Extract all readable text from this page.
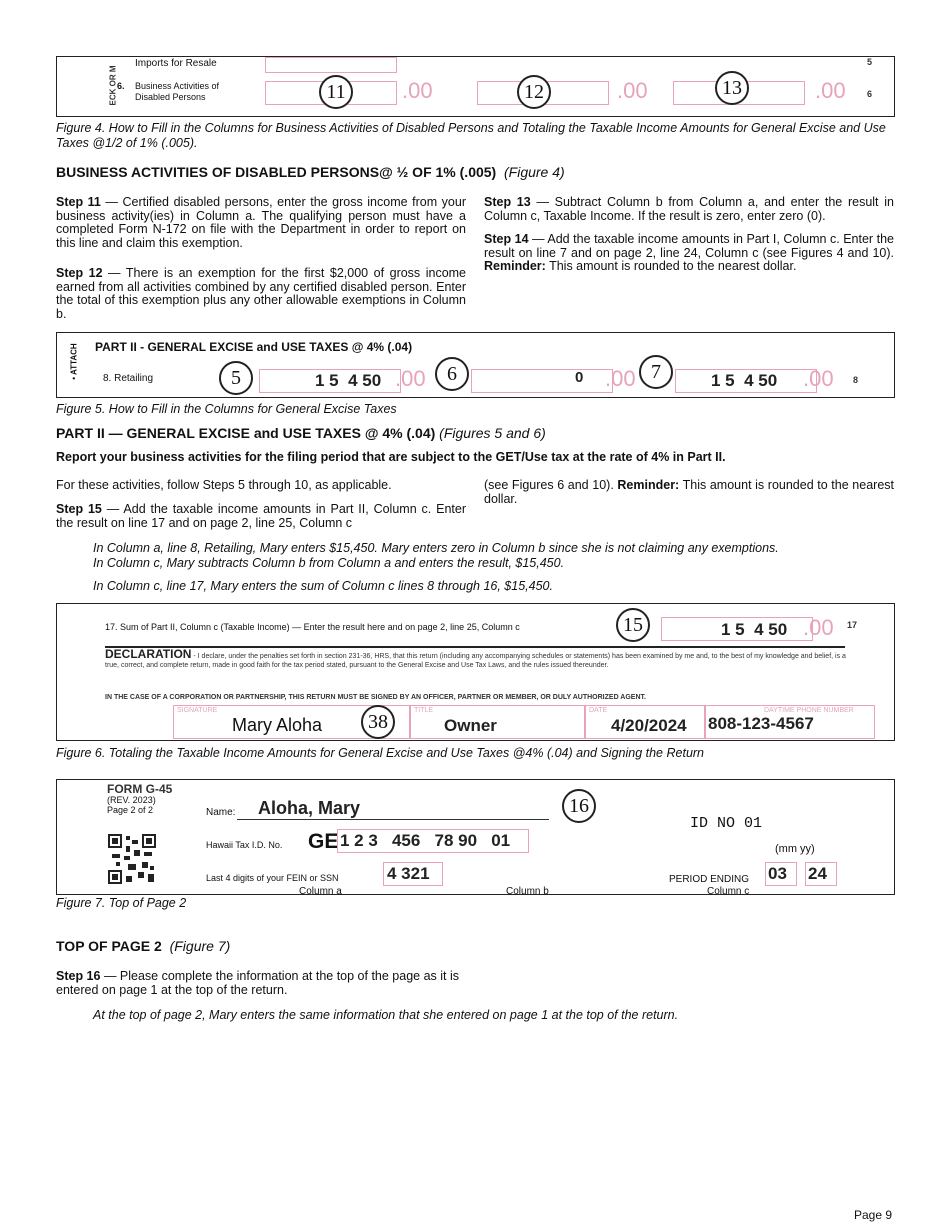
ECK OR M
Imports for Resale
6. Business Activities of
Disabled Persons	.00
11	.00
12	.00
13
5
6
Figure 4. How to Fill in the Columns for Business Activities of Disabled Persons and Totaling the Taxable Income Amounts for General Excise and Use Taxes @1/2 of 1% (.005).
BUSINESS ACTIVITIES OF DISABLED PERSONS@ ½ OF 1% (.005) (Figure 4)
Step 11 — Certified disabled persons, enter the gross income from your business activity(ies) in Column a. The qualifying person must have a completed Form N-172 on file with the Department in order to report on this line and claim this exemption.
Step 12 — There is an exemption for the first $2,000 of gross income earned from all activities combined by any certified disabled person. Enter the total of this exemption plus any other allowable exemptions in Column b.
Step 13 — Subtract Column b from Column a, and enter the result in Column c, Taxable Income. If the result is zero, enter zero (0).
Step 14 — Add the taxable income amounts in Part I, Column c. Enter the result on line 7 and on page 2, line 24, Column c (see Figures 4 and 10). Reminder: This amount is rounded to the nearest dollar.
• ATTACH PART II - GENERAL EXCISE and USE TAXES @ 4% (.04)
8. Retailing	5	1 5  4 50 .00	6	0 .00 7	1 5  4 50 .00 8
Figure 5. How to Fill in the Columns for General Excise Taxes
PART II — GENERAL EXCISE and USE TAXES @ 4% (.04) (Figures 5 and 6)
Report your business activities for the filing period that are subject to the GET/Use tax at the rate of 4% in Part II.
For these activities, follow Steps 5 through 10, as applicable.
Step 15 — Add the taxable income amounts in Part II, Column c. Enter the result on line 17 and on page 2, line 25, Column c
(see Figures 6 and 10). Reminder: This amount is rounded to the nearest dollar.
In Column a, line 8, Retailing, Mary enters $15,450. Mary enters zero in Column b since she is not claiming any exemptions.
In Column c, Mary subtracts Column b from Column a and enters the result, $15,450.
In Column c, line 17, Mary enters the sum of Column c lines 8 through 16, $15,450.
17. Sum of Part II, Column c (Taxable Income) — Enter the result here and on page 2, line 25, Column c	15	1 5  4 50 .00 17
DECLARATION - I declare, under the penalties set forth in section 231-36, HRS, that this return (including any accompanying schedules or statements) has been examined by me and, to the best of my knowledge and belief, is a true, correct, and complete return, made in good faith for the tax period stated, pursuant to the General Excise and Use Tax Laws, and the rules issued thereunder.
IN THE CASE OF A CORPORATION OR PARTNERSHIP, THIS RETURN MUST BE SIGNED BY AN OFFICER, PARTNER OR MEMBER, OR DULY AUTHORIZED AGENT.
SIGNATURE
Mary Aloha	38
TITLE
Owner
DATE
4/20/2024
DAYTIME PHONE NUMBER
808-123-4567
Figure 6. Totaling the Taxable Income Amounts for General Excise and Use Taxes @4% (.04) and Signing the Return
FORM G-45
(REV. 2023)
Page 2 of 2	Name: Aloha, Mary	16
ID NO 01
Hawaii Tax I.D. No. GE 1 2 3   456   78 90   01	(mm yy)
Last 4 digits of your FEIN or SSN	4 321	PERIOD ENDING 03 24
Column a	Column b	Column c
Figure 7. Top of Page 2
TOP OF PAGE 2 (Figure 7)
Step 16 — Please complete the information at the top of the page as it is entered on page 1 at the top of the return.
At the top of page 2, Mary enters the same information that she entered on page 1 at the top of the return.
Page 9
